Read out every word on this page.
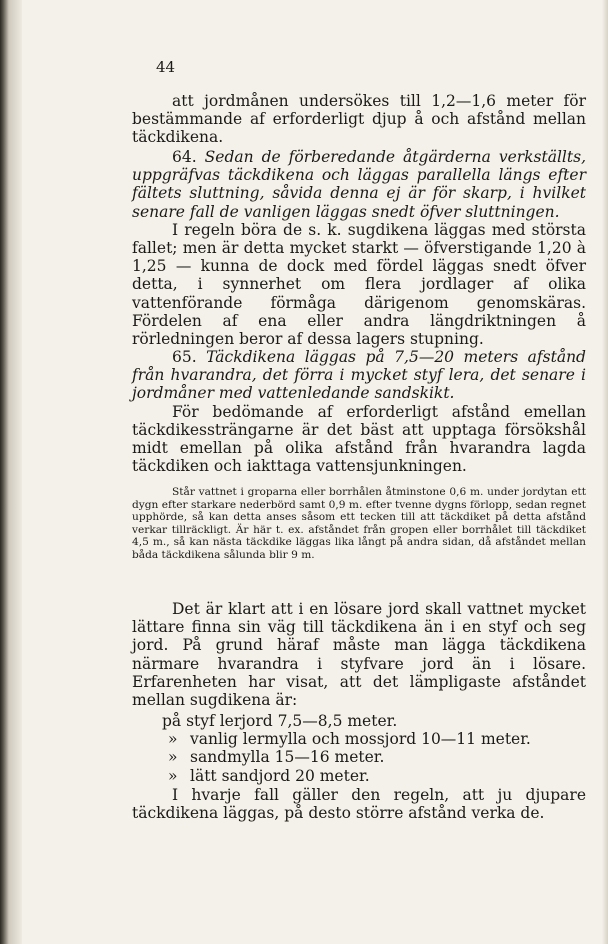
44

att jordmånen undersökes till 1,2—1,6 meter för bestämmande af erforderligt djup å och afstånd mellan täckdikena.

64. Sedan de förberedande åtgärderna verkställts, uppgräfvas täckdikena och läggas parallella längs efter fältets sluttning, såvida denna ej är för skarp, i hvilket senare fall de vanligen läggas snedt öfver sluttningen.

I regeln böra de s. k. sugdikena läggas med största fallet; men är detta mycket starkt — öfverstigande 1,20 à 1,25 — kunna de dock med fördel läggas snedt öfver detta, i synnerhet om flera jordlager af olika vattenförande förmåga därigenom genomskäras. Fördelen af ena eller andra längdriktningen å rörledningen beror af dessa lagers stupning.

65. Täckdikena läggas på 7,5—20 meters afstånd från hvarandra, det förra i mycket styf lera, det senare i jordmåner med vattenledande sandskikt.

För bedömande af erforderligt afstånd emellan täckdikessträngarne är det bäst att upptaga försökshål midt emellan på olika afstånd från hvarandra lagda täckdiken och iakttaga vattensjunkningen.

Står vattnet i groparna eller borrhålen åtminstone 0,6 m. under jordytan ett dygn efter starkare nederbörd samt 0,9 m. efter tvenne dygns förlopp, sedan regnet upphörde, så kan detta anses såsom ett tecken till att täckdiket på detta afstånd verkar tillräckligt. Är här t. ex. afståndet från gropen eller borrhålet till täckdiket 4,5 m., så kan nästa täckdike läggas lika långt på andra sidan, då afståndet mellan båda täckdikena sålunda blir 9 m.

Det är klart att i en lösare jord skall vattnet mycket lättare finna sin väg till täckdikena än i en styf och seg jord. På grund häraf måste man lägga täckdikena närmare hvarandra i styfvare jord än i lösare. Erfarenheten har visat, att det lämpligaste afståndet mellan sugdikena är:

på styf lerjord 7,5—8,5 meter.
» vanlig lermylla och mossjord 10—11 meter.
» sandmylla 15—16 meter.
» lätt sandjord 20 meter.

I hvarje fall gäller den regeln, att ju djupare täckdikena läggas, på desto större afstånd verka de.
